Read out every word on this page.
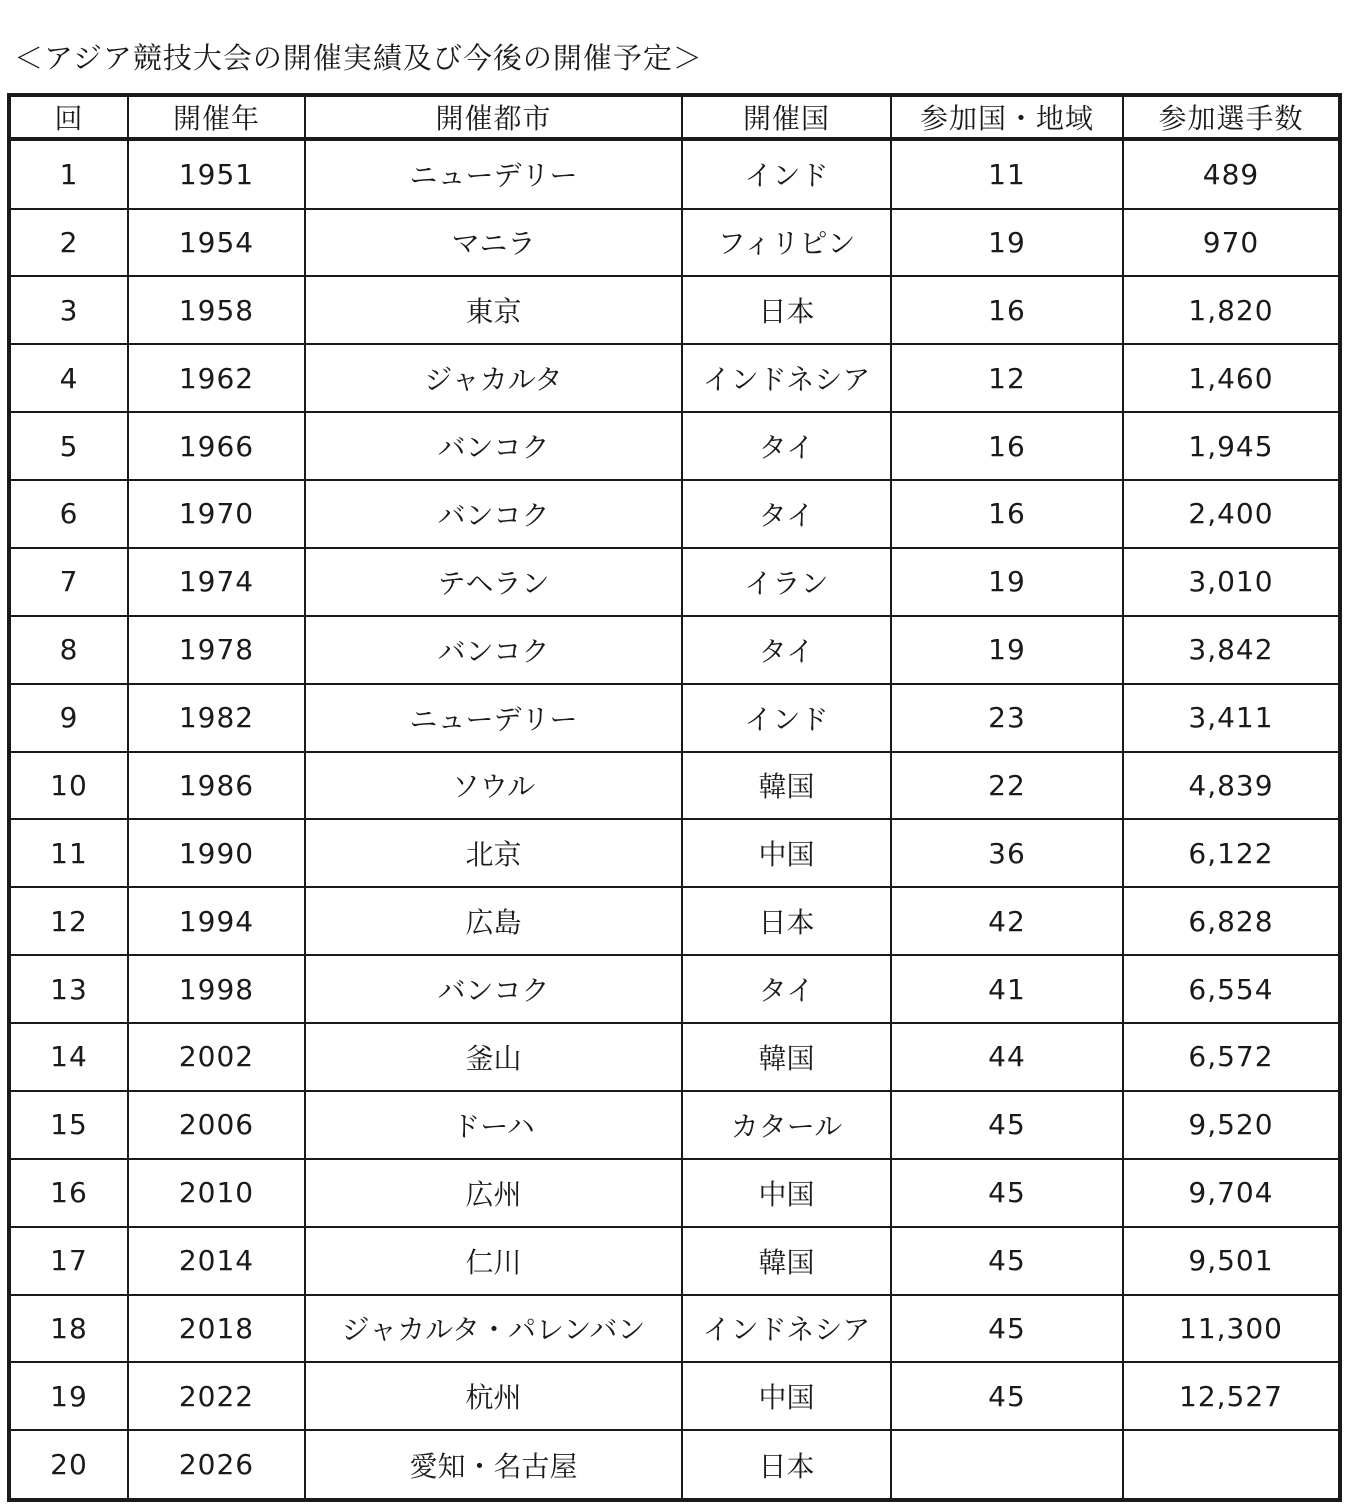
＜アジア競技大会の開催実績及び今後の開催予定＞
回	開催年	開催都市	開催国	参加国・地域	参加選手数
1	1951	ニューデリー	インド	11	489
2	1954	マニラ	フィリピン	19	970
3	1958	東京	日本	16	1,820
4	1962	ジャカルタ	インドネシア	12	1,460
5	1966	バンコク	タイ	16	1,945
6	1970	バンコク	タイ	16	2,400
7	1974	テヘラン	イラン	19	3,010
8	1978	バンコク	タイ	19	3,842
9	1982	ニューデリー	インド	23	3,411
10	1986	ソウル	韓国	22	4,839
11	1990	北京	中国	36	6,122
12	1994	広島	日本	42	6,828
13	1998	バンコク	タイ	41	6,554
14	2002	釜山	韓国	44	6,572
15	2006	ドーハ	カタール	45	9,520
16	2010	広州	中国	45	9,704
17	2014	仁川	韓国	45	9,501
18	2018	ジャカルタ・パレンバン	インドネシア	45	11,300
19	2022	杭州	中国	45	12,527
20	2026	愛知・名古屋	日本		
